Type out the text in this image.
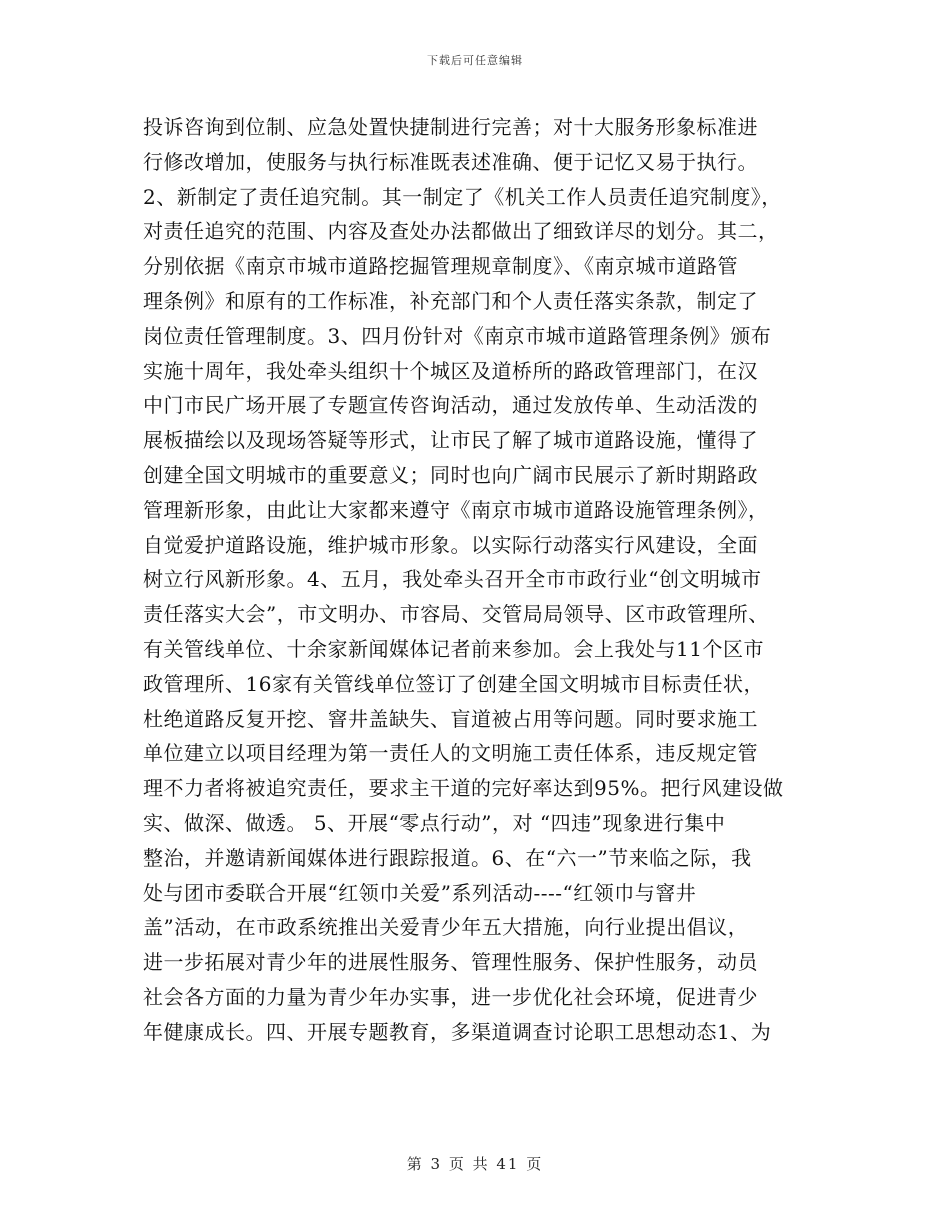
下载后可任意编辑
投诉咨询到位制、应急处置快捷制进行完善；对十大服务形象标准进
行修改增加，使服务与执行标准既表述准确、便于记忆又易于执行。
2、新制定了责任追究制。其一制定了《机关工作人员责任追究制度》，
对责任追究的范围、内容及查处办法都做出了细致详尽的划分。其二，
分别依据《南京市城市道路挖掘管理规章制度》、《南京城市道路管
理条例》和原有的工作标准，补充部门和个人责任落实条款，制定了
岗位责任管理制度。3、四月份针对《南京市城市道路管理条例》颁布
实施十周年，我处牵头组织十个城区及道桥所的路政管理部门，在汉
中门市民广场开展了专题宣传咨询活动，通过发放传单、生动活泼的
展板描绘以及现场答疑等形式，让市民了解了城市道路设施，懂得了
创建全国文明城市的重要意义；同时也向广阔市民展示了新时期路政
管理新形象，由此让大家都来遵守《南京市城市道路设施管理条例》，
自觉爱护道路设施，维护城市形象。以实际行动落实行风建设，全面
树立行风新形象。4、五月，我处牵头召开全市市政行业“创文明城市
责任落实大会”，市文明办、市容局、交管局局领导、区市政管理所、
有关管线单位、十余家新闻媒体记者前来参加。会上我处与11个区市
政管理所、16家有关管线单位签订了创建全国文明城市目标责任状，
杜绝道路反复开挖、窨井盖缺失、盲道被占用等问题。同时要求施工
单位建立以项目经理为第一责任人的文明施工责任体系，违反规定管
理不力者将被追究责任，要求主干道的完好率达到95%。把行风建设做
实、做深、做透。 5、开展“零点行动”，对 “四违”现象进行集中
整治，并邀请新闻媒体进行跟踪报道。6、在“六一”节来临之际，我
处与团市委联合开展“红领巾关爱”系列活动----“红领巾与窨井
盖”活动，在市政系统推出关爱青少年五大措施，向行业提出倡议，
进一步拓展对青少年的进展性服务、管理性服务、保护性服务，动员
社会各方面的力量为青少年办实事，进一步优化社会环境，促进青少
年健康成长。四、开展专题教育，多渠道调查讨论职工思想动态1、为
第 3 页 共 41 页
